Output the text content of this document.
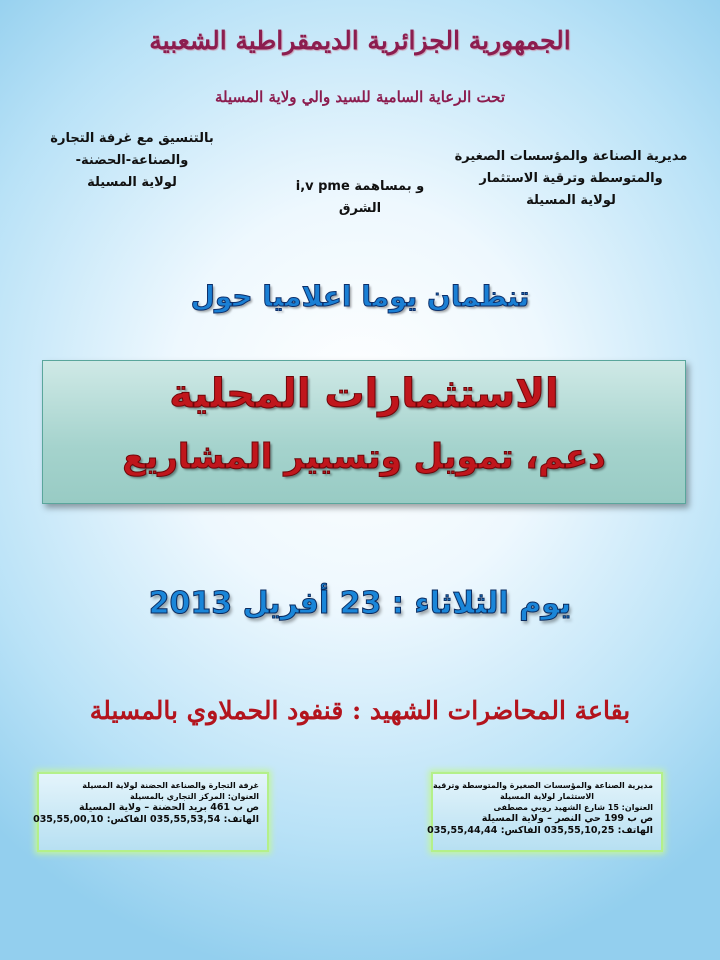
الجمهورية الجزائرية الديمقراطية الشعبية
تحت الرعاية السامية للسيد والي ولاية المسيلة
مديرية الصناعة والمؤسسات الصغيرة
والمتوسطة وترقية الاستثمار
لولاية المسيلة
و بمساهمة i,v pme
الشرق
بالتنسيق مع غرفة التجارة
والصناعة-الحضنة-
لولاية المسيلة
تنظمان يوما اعلاميا حول
الاستثمارات المحلية
دعم، تمويل وتسيير المشاريع
يوم الثلاثاء : 23 أفريل 2013
بقاعة المحاضرات الشهيد : قنفود الحملاوي بالمسيلة
مديرية الصناعة والمؤسسات الصغيرة والمتوسطة وترقية
الاستثمار لولاية المسيلة
العنوان: 15 شارع الشهيد روبي مصطفى
ص ب 199 حي النصر – ولاية المسيلة
الهاتف: 035,55,10,25 الفاكس: 035,55,44,44
غرفة التجارة والصناعة الحضنة لولاية المسيلة
العنوان: المركز التجاري بالمسيلة
ص ب 461 بريد الحضنة – ولاية المسيلة
الهاتف: 035,55,53,54 الفاكس: 035,55,00,10
